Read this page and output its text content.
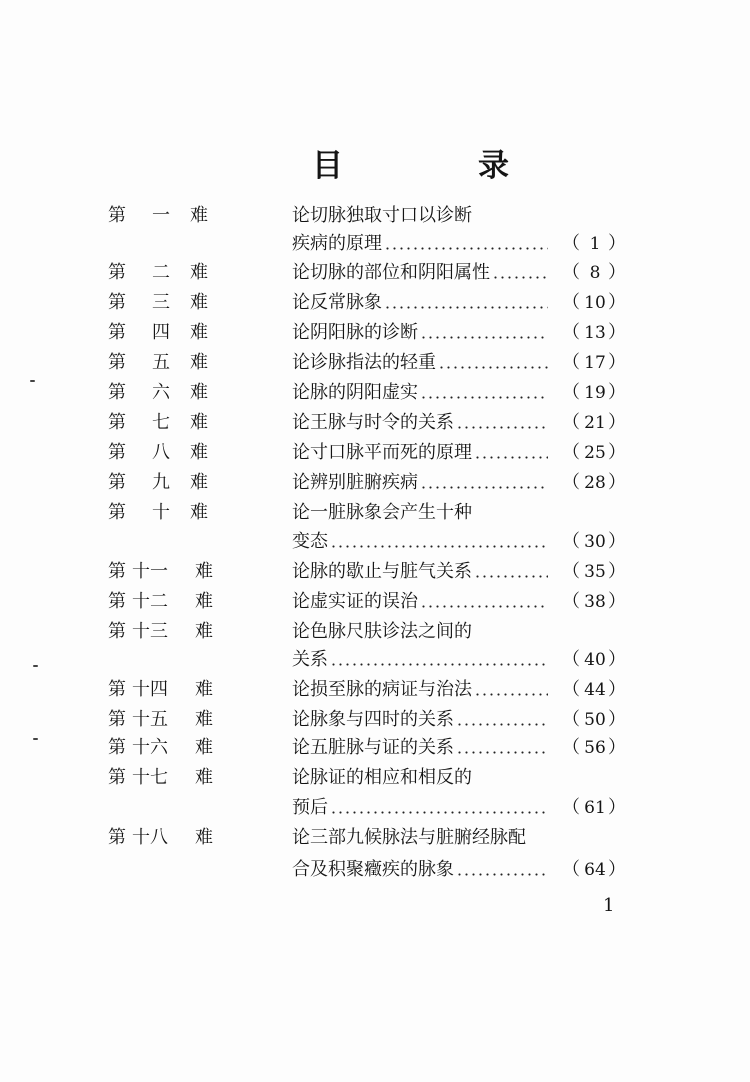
目　录
第 一 难	论切脉独取寸口以诊断
疾病的原理	（ 1 ）
第 二 难	论切脉的部位和阴阳属性	（ 8 ）
第 三 难	论反常脉象	（ 10 ）
第 四 难	论阴阳脉的诊断	（ 13 ）
第 五 难	论诊脉指法的轻重	（ 17 ）
第 六 难	论脉的阴阳虚实	（ 19 ）
第 七 难	论王脉与时令的关系	（ 21 ）
第 八 难	论寸口脉平而死的原理	（ 25 ）
第 九 难	论辨别脏腑疾病	（ 28 ）
第 十 难	论一脏脉象会产生十种
变态	（ 30 ）
第 十一 难	论脉的歇止与脏气关系	（ 35 ）
第 十二 难	论虚实证的误治	（ 38 ）
第 十三 难	论色脉尺肤诊法之间的
关系	（ 40 ）
第 十四 难	论损至脉的病证与治法	（ 44 ）
第 十五 难	论脉象与四时的关系	（ 50 ）
第 十六 难	论五脏脉与证的关系	（ 56 ）
第 十七 难	论脉证的相应和相反的
预后	（ 61 ）
第 十八 难	论三部九候脉法与脏腑经脉配
合及积聚癥疾的脉象	（ 64 ）
1
